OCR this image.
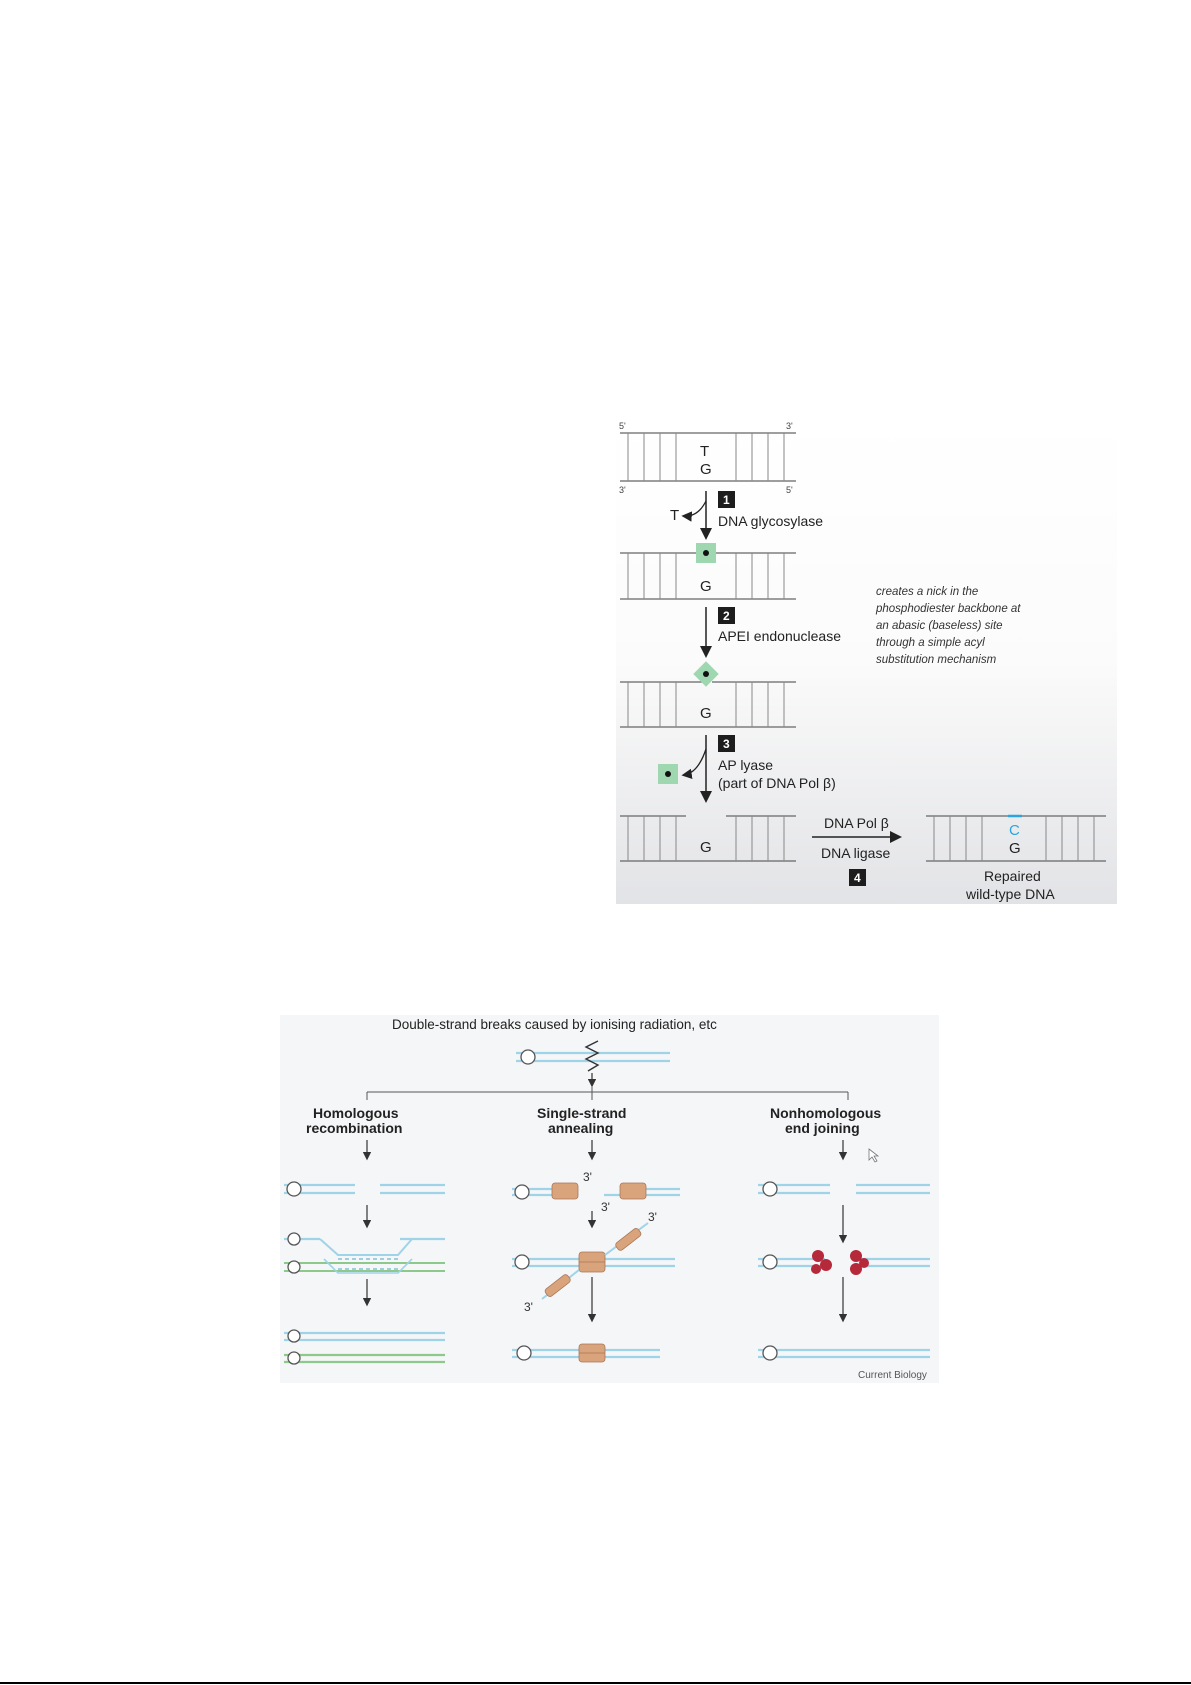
5'	3'
3'	5'
T
G
T
1
DNA glycosylase
G
2
APEI endonuclease
creates a nick in the
phosphodiester backbone at
an abasic (baseless) site
through a simple acyl
substitution mechanism
G
3
AP lyase
(part of DNA Pol β)
G
DNA Pol β
DNA ligase
4
C
G
Repaired
wild-type DNA
Double-strand breaks caused by ionising radiation, etc
Homologous
recombination
Single-strand
annealing
Nonhomologous
end joining
3'
3'
3'
3'
Current Biology
